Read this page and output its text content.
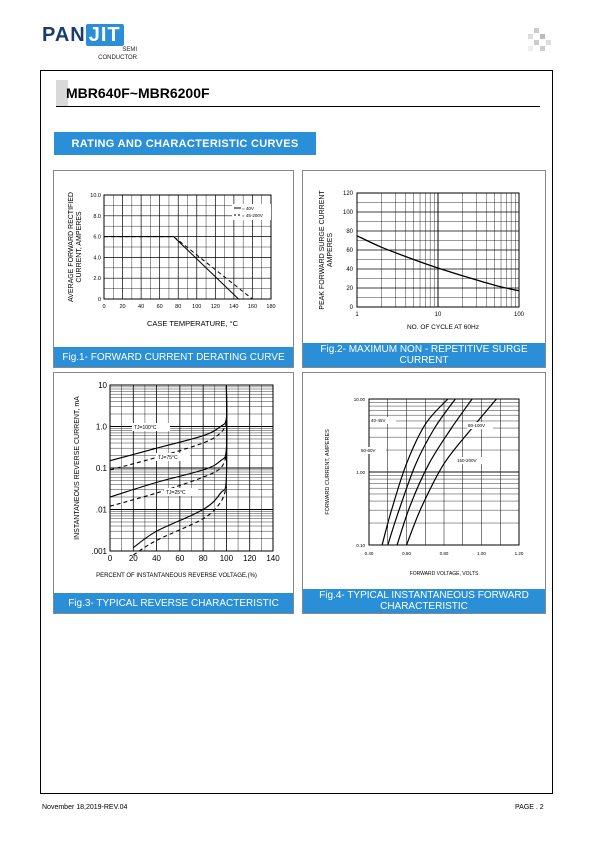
PAN JIT
SEMI
CONDUCTOR
MBR640F~MBR6200F
RATING AND CHARACTERISTIC CURVES
0	20 40 60 80 100 120 140 160 180
0
2.0
4.0
6.0
8.0
10.0
= 40V
= 45-200V
AVERAGE FORWARD RECTIFIEDCURRENT, AMPERES
CASE TEMPERATURE, °C
Fig.1- FORWARD CURRENT DERATING CURVE
1	10	100
0
20
40
60
80
100
120
PEAK FORWARD SURGE CURRENTAMPERES
NO. OF CYCLE AT 60Hz
Fig.2- MAXIMUM NON - REPETITIVE SURGE
CURRENT
0 20 40 60 80 100 120 140
.001
.01
0.1
1.0
10
TJ=100°C
TJ=75°C
TJ=25°C
INSTANTANEOUS REVERSE CURRENT, mA
PERCENT OF INSTANTANEOUS REVERSE VOLTAGE,(%)
Fig.3- TYPICAL REVERSE CHARACTERISTIC
0.40	0.60	0.80	1.00	1.20
0.10
1.00
10.00
40-45V
50-60V
80-100V
150-200V
FORWARD CURRENT, AMPERES
FORWARD VOLTAGE, VOLTS
Fig.4- TYPICAL INSTANTANEOUS FORWARD
CHARACTERISTIC
November 18,2019-REV.04	PAGE . 2
